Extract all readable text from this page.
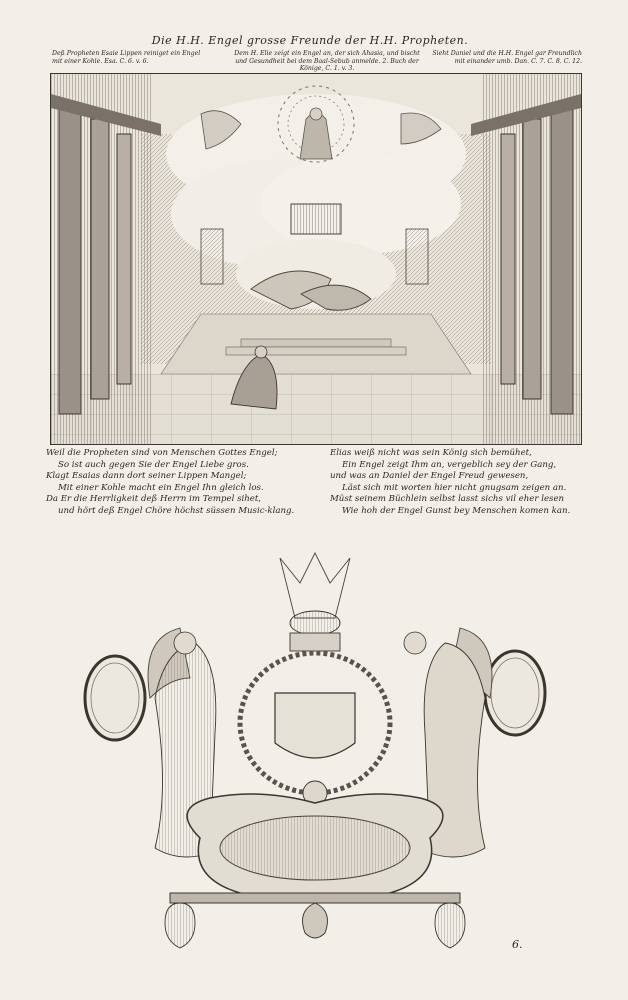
Die H.H. Engel grosse Freunde der H.H. Propheten.
Deß Propheten Esaie Lippen reiniget ein Engel mit einer Kohle. Esa. C. 6. v. 6.
Dem H. Elie zeigt ein Engel an, der sich Ahasia, und bischt und Gesundheit bei dem Baal-Sebub anmelde. 2. Buch der Könige, C. 1. v. 3.
Sieht Daniel und die H.H. Engel gar Freundlich mit einander umb. Dan. C. 7. C. 8. C. 12.
Weil die Propheten sind von Menschen Gottes Engel;
So ist auch gegen Sie der Engel Liebe gros.
Klagt Esaias dann dort seiner Lippen Mangel;
Mit einer Kohle macht ein Engel Ihn gleich los.
Da Er die Herrligkeit deß Herrn im Tempel sihet,
und hört deß Engel Chöre höchst süssen Music-klang.
Elias weiß nicht was sein König sich bemühet,
Ein Engel zeigt Ihm an, vergeblich sey der Gang,
und was an Daniel der Engel Freud gewesen,
Läst sich mit worten hier nicht gnugsam zeigen an.
Müst seinem Büchlein selbst lasst sichs vil eher lesen
Wie hoh der Engel Gunst bey Menschen komen kan.
6.
